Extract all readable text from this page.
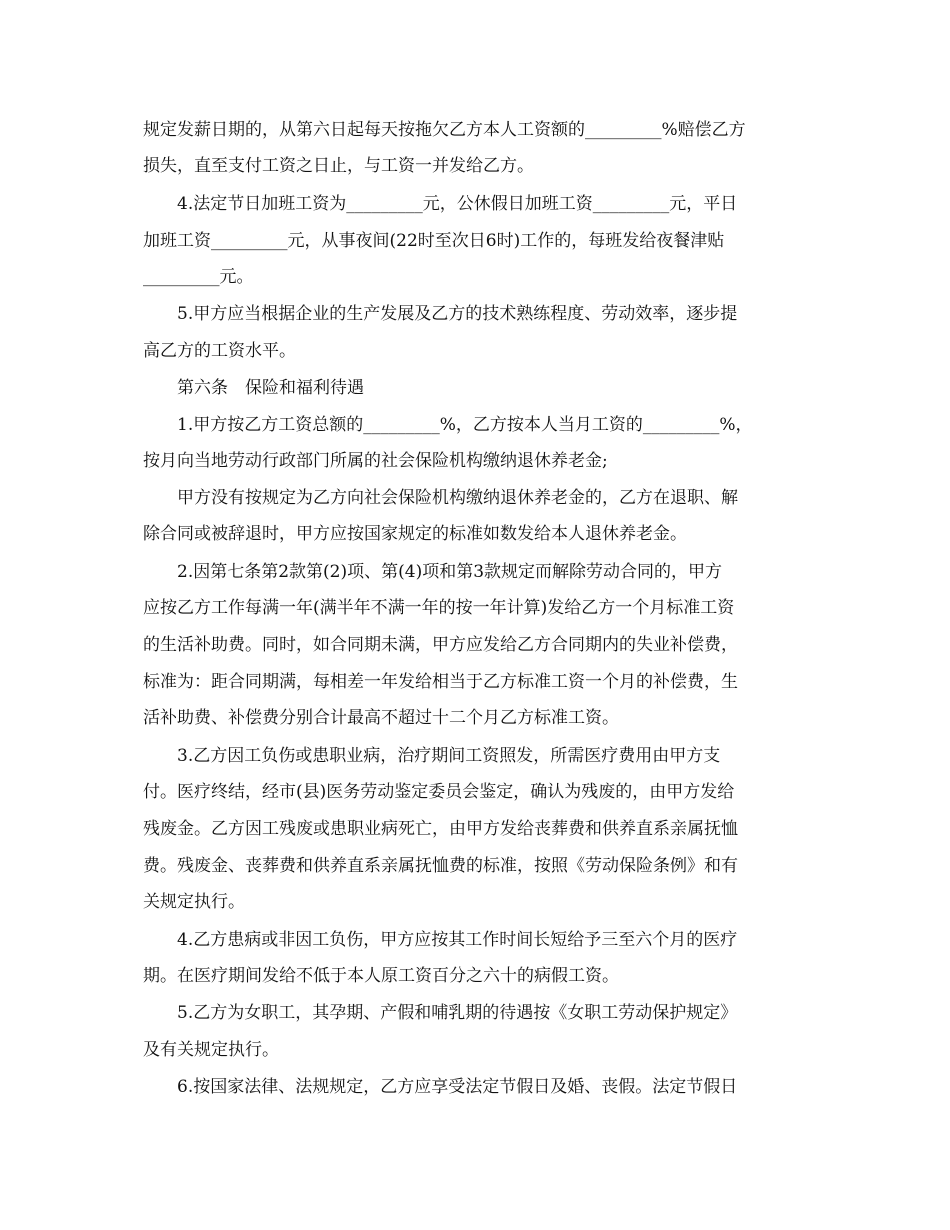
规定发薪日期的，从第六日起每天按拖欠乙方本人工资额的_________%赔偿乙方
损失，直至支付工资之日止，与工资一并发给乙方。
4.法定节日加班工资为_________元，公休假日加班工资_________元，平日
加班工资_________元，从事夜间(22时至次日6时)工作的，每班发给夜餐津贴
_________元。
5.甲方应当根据企业的生产发展及乙方的技术熟练程度、劳动效率，逐步提
高乙方的工资水平。
第六条　保险和福利待遇
1.甲方按乙方工资总额的_________%，乙方按本人当月工资的_________%，
按月向当地劳动行政部门所属的社会保险机构缴纳退休养老金;
甲方没有按规定为乙方向社会保险机构缴纳退休养老金的，乙方在退职、解
除合同或被辞退时，甲方应按国家规定的标准如数发给本人退休养老金。
2.因第七条第2款第(2)项、第(4)项和第3款规定而解除劳动合同的，甲方
应按乙方工作每满一年(满半年不满一年的按一年计算)发给乙方一个月标准工资
的生活补助费。同时，如合同期未满，甲方应发给乙方合同期内的失业补偿费，
标准为：距合同期满，每相差一年发给相当于乙方标准工资一个月的补偿费，生
活补助费、补偿费分别合计最高不超过十二个月乙方标准工资。
3.乙方因工负伤或患职业病，治疗期间工资照发，所需医疗费用由甲方支
付。医疗终结，经市(县)医务劳动鉴定委员会鉴定，确认为残废的，由甲方发给
残废金。乙方因工残废或患职业病死亡，由甲方发给丧葬费和供养直系亲属抚恤
费。残废金、丧葬费和供养直系亲属抚恤费的标准，按照《劳动保险条例》和有
关规定执行。
4.乙方患病或非因工负伤，甲方应按其工作时间长短给予三至六个月的医疗
期。在医疗期间发给不低于本人原工资百分之六十的病假工资。
5.乙方为女职工，其孕期、产假和哺乳期的待遇按《女职工劳动保护规定》
及有关规定执行。
6.按国家法律、法规规定，乙方应享受法定节假日及婚、丧假。法定节假日
